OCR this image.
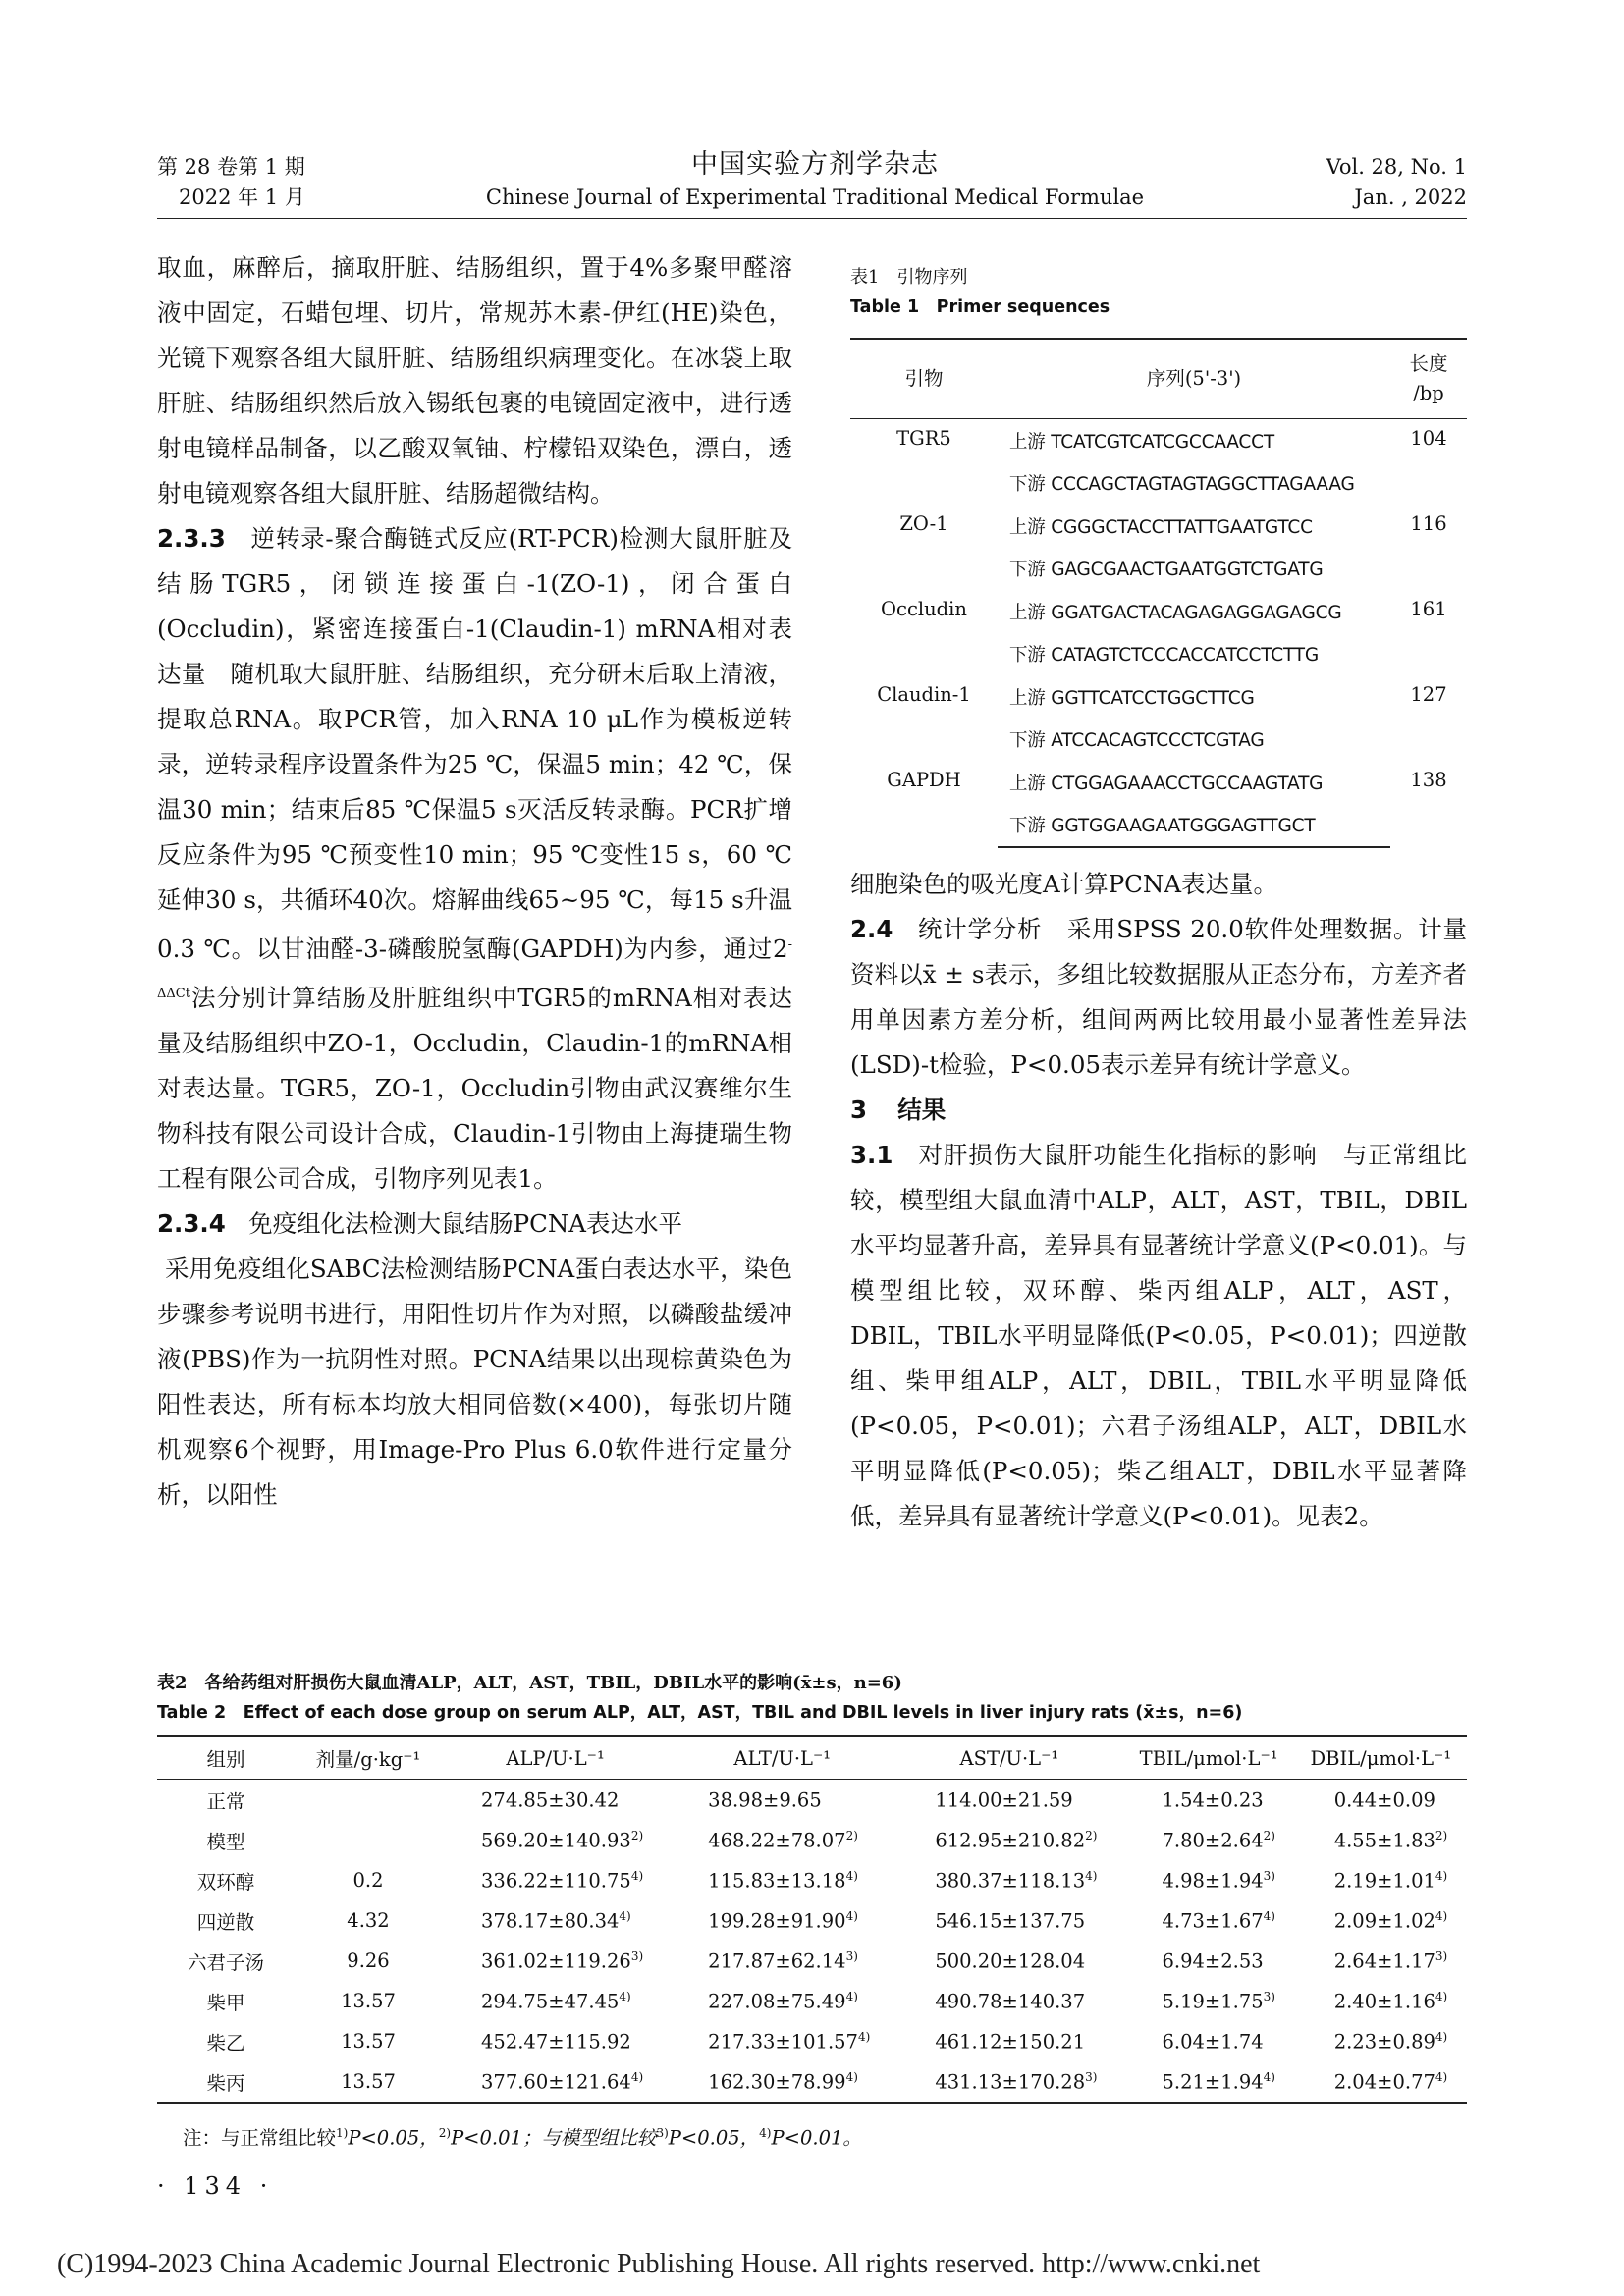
第 28 卷第 1 期
2022 年 1 月
中国实验方剂学杂志
Chinese Journal of Experimental Traditional Medical Formulae
Vol. 28, No. 1
Jan. , 2022

取血，麻醉后，摘取肝脏、结肠组织，置于4%多聚甲醛溶液中固定，石蜡包埋、切片，常规苏木素-伊红(HE)染色，光镜下观察各组大鼠肝脏、结肠组织病理变化。在冰袋上取肝脏、结肠组织然后放入锡纸包裹的电镜固定液中，进行透射电镜样品制备，以乙酸双氧铀、柠檬铅双染色，漂白，透射电镜观察各组大鼠肝脏、结肠超微结构。

2.3.3 逆转录-聚合酶链式反应(RT-PCR)检测大鼠肝脏及结肠TGR5，闭锁连接蛋白-1(ZO-1)，闭合蛋白(Occludin)，紧密连接蛋白-1(Claudin-1) mRNA相对表达量 随机取大鼠肝脏、结肠组织，充分研末后取上清液，提取总RNA。取PCR管，加入RNA 10 μL作为模板逆转录，逆转录程序设置条件为25 ℃，保温5 min；42 ℃，保温30 min；结束后85 ℃保温5 s灭活反转录酶。PCR扩增反应条件为95 ℃预变性10 min；95 ℃变性15 s，60 ℃延伸30 s，共循环40次。熔解曲线65~95 ℃，每15 s升温0.3 ℃。以甘油醛-3-磷酸脱氢酶(GAPDH)为内参，通过$2^{-\Delta\Delta Ct}$法分别计算结肠及肝脏组织中TGR5的mRNA相对表达量及结肠组织中ZO-1，Occludin，Claudin-1的mRNA相对表达量。TGR5，ZO-1，Occludin引物由武汉赛维尔生物科技有限公司设计合成，Claudin-1引物由上海捷瑞生物工程有限公司合成，引物序列见表1。

2.3.4 免疫组化法检测大鼠结肠PCNA表达水平

采用免疫组化SABC法检测结肠PCNA蛋白表达水平，染色步骤参考说明书进行，用阳性切片作为对照，以磷酸盐缓冲液(PBS)作为一抗阴性对照。PCNA结果以出现棕黄染色为阳性表达，所有标本均放大相同倍数(×400)，每张切片随机观察6个视野，用Image-Pro Plus 6.0软件进行定量分析，以阳性

表1　引物序列
Table 1　Primer sequences
引物	序列(5'-3')	长度
/bp
TGR5	上游 TCATCGTCATCGCCAACCT	104
	下游 CCCAGCTAGTAGTAGGCTTAGAAAG	
ZO-1	上游 CGGGCTACCTTATTGAATGTCC	116
	下游 GAGCGAACTGAATGGTCTGATG	
Occludin	上游 GGATGACTACAGAGAGGAGAGCG	161
	下游 CATAGTCTCCCACCATCCTCTTG	
Claudin-1	上游 GGTTCATCCTGGCTTCG	127
	下游 ATCCACAGTCCCTCGTAG	
GAPDH	上游 CTGGAGAAACCTGCCAAGTATG	138
	下游 GGTGGAAGAATGGGAGTTGCT	

细胞染色的吸光度A计算PCNA表达量。

2.4 统计学分析 采用SPSS 20.0软件处理数据。计量资料以x̄ ± s表示，多组比较数据服从正态分布，方差齐者用单因素方差分析，组间两两比较用最小显著性差异法(LSD)-t检验，P<0.05表示差异有统计学意义。

3 结果

3.1 对肝损伤大鼠肝功能生化指标的影响 与正常组比较，模型组大鼠血清中ALP，ALT，AST，TBIL，DBIL水平均显著升高，差异具有显著统计学意义(P<0.01)。与模型组比较，双环醇、柴丙组ALP，ALT，AST，DBIL，TBIL水平明显降低(P<0.05，P<0.01)；四逆散组、柴甲组ALP，ALT，DBIL，TBIL水平明显降低(P<0.05，P<0.01)；六君子汤组ALP，ALT，DBIL水平明显降低(P<0.05)；柴乙组ALT，DBIL水平显著降低，差异具有显著统计学意义(P<0.01)。见表2。

表2　各给药组对肝损伤大鼠血清ALP，ALT，AST，TBIL，DBIL水平的影响(x̄±s，n=6)
Table 2　Effect of each dose group on serum ALP，ALT，AST，TBIL and DBIL levels in liver injury rats (x̄±s，n=6)
组别	剂量/g·kg⁻¹	ALP/U·L⁻¹	ALT/U·L⁻¹	AST/U·L⁻¹	TBIL/μmol·L⁻¹	DBIL/μmol·L⁻¹
正常		274.85±30.42	38.98±9.65	114.00±21.59	1.54±0.23	0.44±0.09
模型		$569.20\pm 140.93^{2)}$	$468.22\pm 78.07^{2)}$	$612.95\pm 210.82^{2)}$	$7.80\pm 2.64^{2)}$	$4.55\pm 1.83^{2)}$
双环醇	0.2	$336.22\pm 110.75^{4)}$	$115.83\pm 13.18^{4)}$	$380.37\pm 118.13^{4)}$	$4.98\pm 1.94^{3)}$	$2.19\pm 1.01^{4)}$
四逆散	4.32	$378.17\pm 80.34^{4)}$	$199.28\pm 91.90^{4)}$	546.15±137.75	$4.73\pm 1.67^{4)}$	$2.09\pm 1.02^{4)}$
六君子汤	9.26	$361.02\pm 119.26^{3)}$	$217.87\pm 62.14^{3)}$	500.20±128.04	6.94±2.53	$2.64\pm 1.17^{3)}$
柴甲	13.57	$294.75\pm 47.45^{4)}$	$227.08\pm 75.49^{4)}$	490.78±140.37	$5.19\pm 1.75^{3)}$	$2.40\pm 1.16^{4)}$
柴乙	13.57	452.47±115.92	$217.33\pm 101.57^{4)}$	461.12±150.21	6.04±1.74	$2.23\pm 0.89^{4)}$
柴丙	13.57	$377.60\pm 121.64^{4)}$	$162.30\pm 78.99^{4)}$	$431.13\pm 170.28^{3)}$	$5.21\pm 1.94^{4)}$	$2.04\pm 0.77^{4)}$
注：与正常组比较$^{1)}$P<0.05，$^{2)}$P<0.01；与模型组比较$^{3)}$P<0.05，$^{4)}$P<0.01。
· 134 ·
(C)1994-2023 China Academic Journal Electronic Publishing House. All rights reserved. http://www.cnki.net
